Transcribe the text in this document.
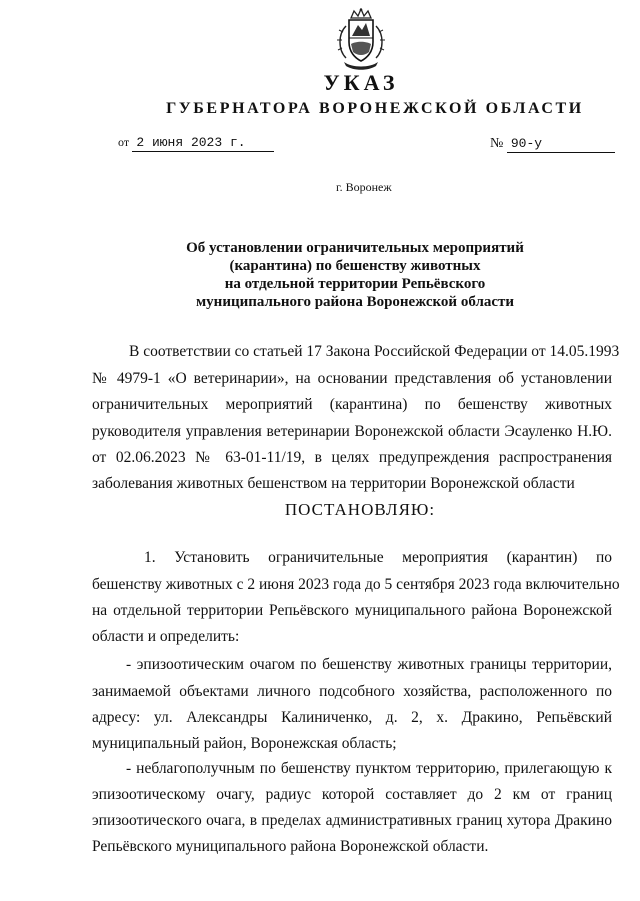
УКАЗ
ГУБЕРНАТОРА ВОРОНЕЖСКОЙ ОБЛАСТИ
от 2 июня 2023 г.	№ 90-у
г. Воронеж
Об установлении ограничительных мероприятий
(карантина) по бешенству животных
на отдельной территории Репьёвского
муниципального района Воронежской области
В соответствии со статьей 17 Закона Российской Федерации от 14.05.1993
№ 4979-1 «О ветеринарии», на основании представления об установлении
ограничительных мероприятий (карантина) по бешенству животных
руководителя управления ветеринарии Воронежской области Эсауленко Н.Ю.
от 02.06.2023 № 63-01-11/19, в целях предупреждения распространения
заболевания животных бешенством на территории Воронежской области
ПОСТАНОВЛЯЮ:
1. Установить ограничительные мероприятия (карантин) по
бешенству животных с 2 июня 2023 года до 5 сентября 2023 года включительно
на отдельной территории Репьёвского муниципального района Воронежской
области и определить:
- эпизоотическим очагом по бешенству животных границы территории,
занимаемой объектами личного подсобного хозяйства, расположенного по
адресу: ул. Александры Калиниченко, д. 2, х. Дракино, Репьёвский
муниципальный район, Воронежская область;
- неблагополучным по бешенству пунктом территорию, прилегающую к
эпизоотическому очагу, радиус которой составляет до 2 км от границ
эпизоотического очага, в пределах административных границ хутора Дракино
Репьёвского муниципального района Воронежской области.
